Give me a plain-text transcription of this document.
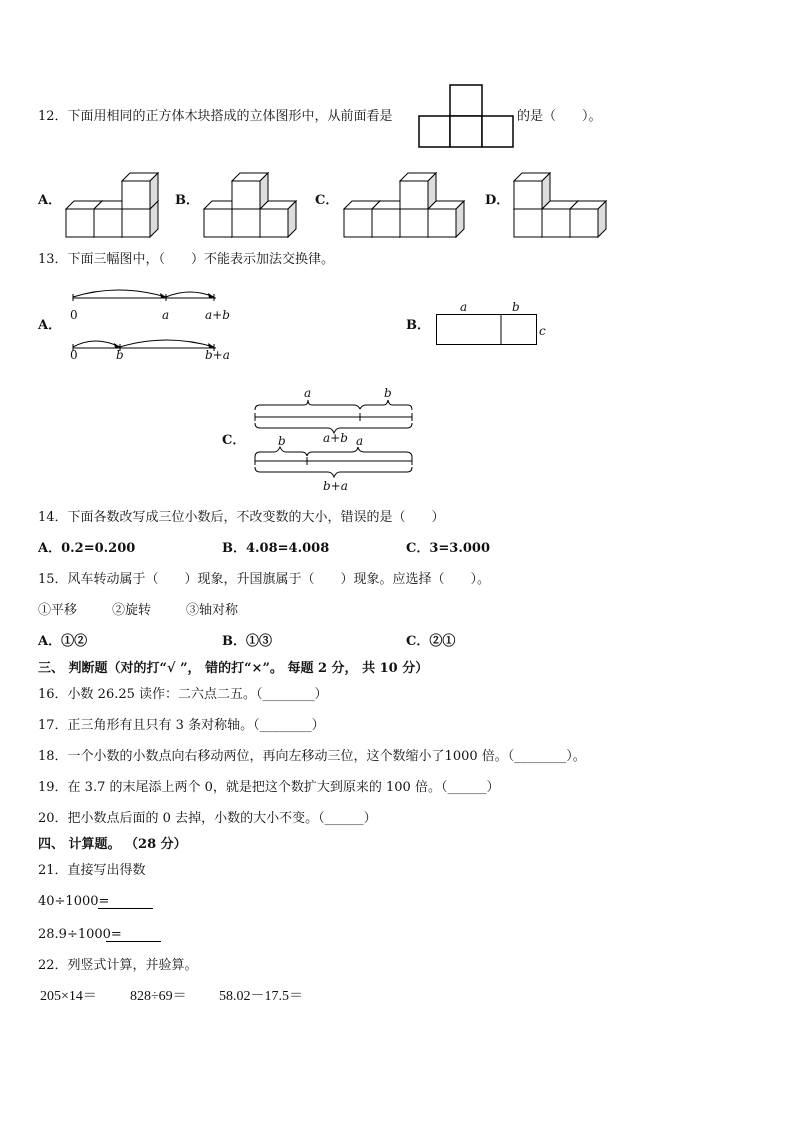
12．下面用相同的正方体木块搭成的立体图形中，从前面看是	的是（　　）。
A．	B．	C．	D．
13．下面三幅图中，（　　）不能表示加法交换律。
A．
0	a	a+b
0	b	b+a
B．
a	b
c
C．
a	b
a+b
b	a
b+a
14．下面各数改写成三位小数后，不改变数的大小，错误的是（　　）
A．0.2=0.200	B．4.08=4.008	C．3=3.000
15．风车转动属于（　　）现象，升国旗属于（　　）现象。应选择（　　）。
①平移	②旋转	③轴对称
A．①②	B．①③	C．②①
三、 判断题（对的打“√ ”， 错的打“×”。 每题 2 分， 共 10 分）
16．小数 26.25 读作：二六点二五。（________）
17．正三角形有且只有 3 条对称轴。（________）
18．一个小数的小数点向右移动两位，再向左移动三位，这个数缩小了1000 倍。（________）。
19．在 3.7 的末尾添上两个 0，就是把这个数扩大到原来的 100 倍。（______）
20．把小数点后面的 0 去掉，小数的大小不变。（______）
四、 计算题。 （28 分）
21．直接写出得数
40÷1000=
28.9÷1000=
22．列竖式计算，并验算。
205×14＝ 828÷69＝ 58.02－17.5＝
